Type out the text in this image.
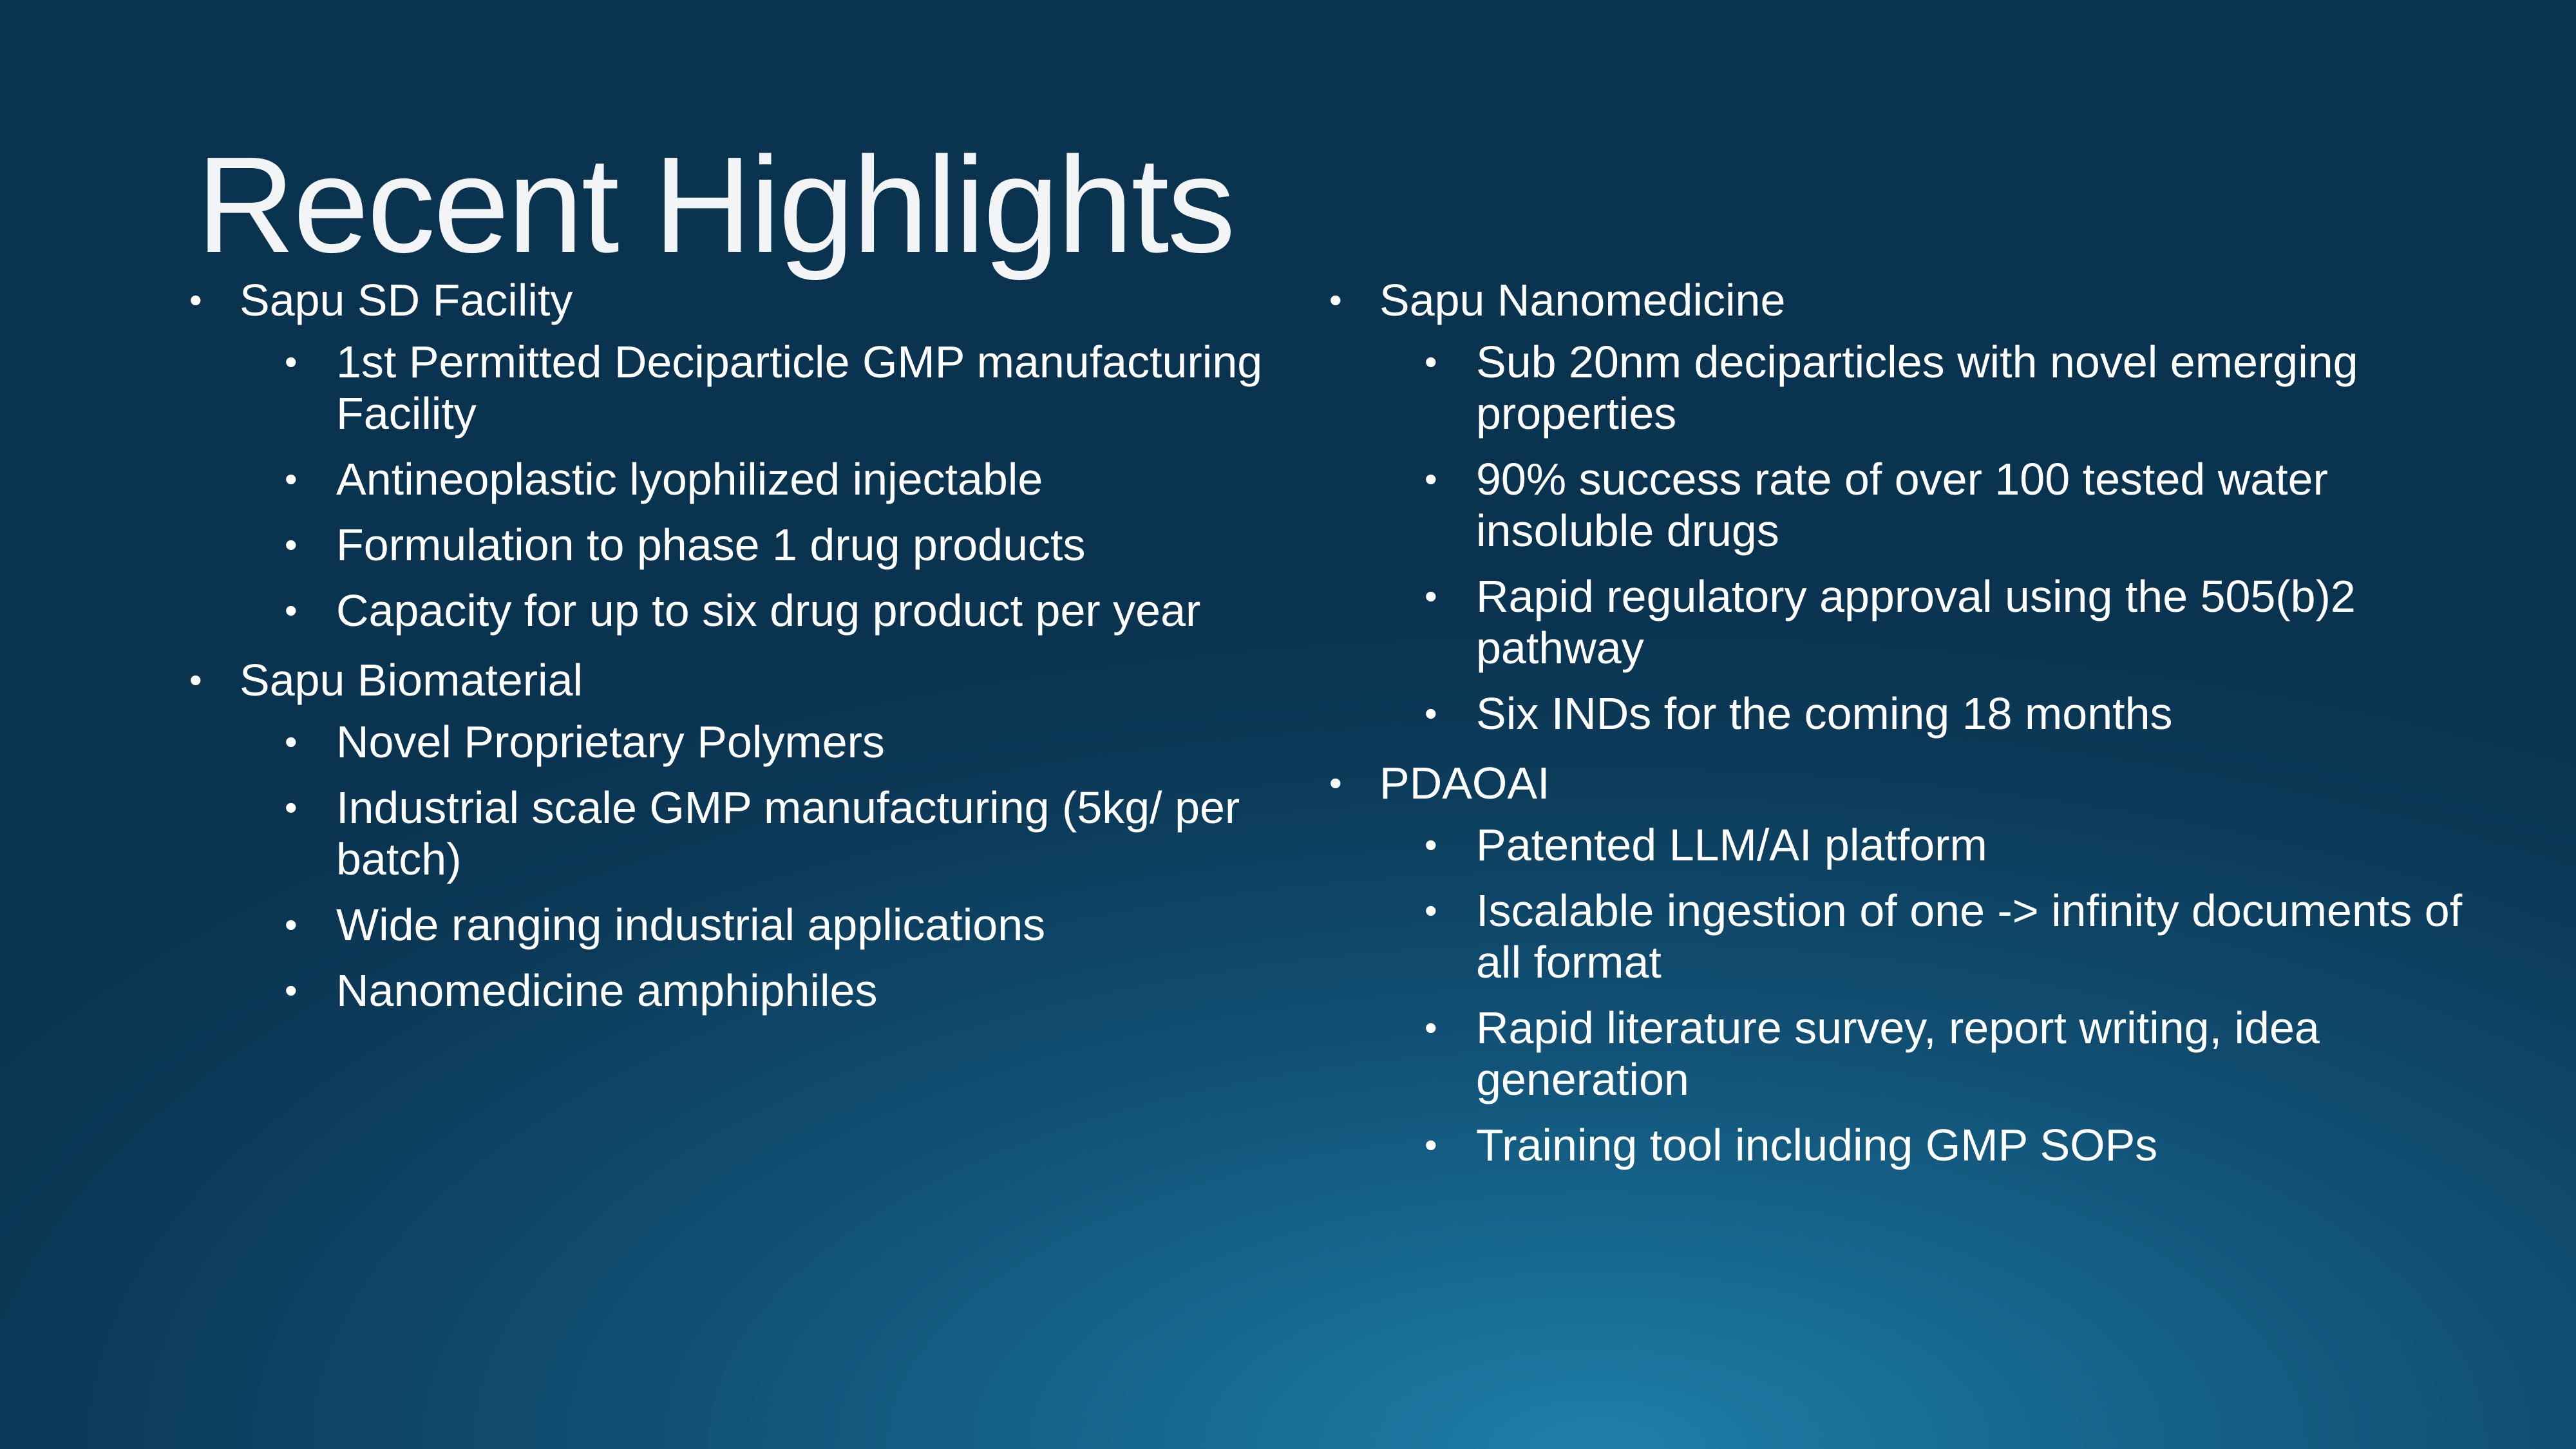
Recent Highlights
• Sapu SD Facility
• 1st Permitted Deciparticle GMP manufacturing Facility
• Antineoplastic lyophilized injectable
• Formulation to phase 1 drug products
• Capacity for up to six drug product per year
• Sapu Biomaterial
• Novel Proprietary Polymers
• Industrial scale GMP manufacturing (5kg/ per batch)
• Wide ranging industrial applications
• Nanomedicine amphiphiles
• Sapu Nanomedicine
• Sub 20nm deciparticles with novel emerging properties
• 90% success rate of over 100 tested water insoluble drugs
• Rapid regulatory approval using the 505(b)2 pathway
• Six INDs for the coming 18 months
• PDAOAI
• Patented LLM/AI platform
• Iscalable ingestion of one -> infinity documents of all format
• Rapid literature survey, report writing, idea generation
• Training tool including GMP SOPs
